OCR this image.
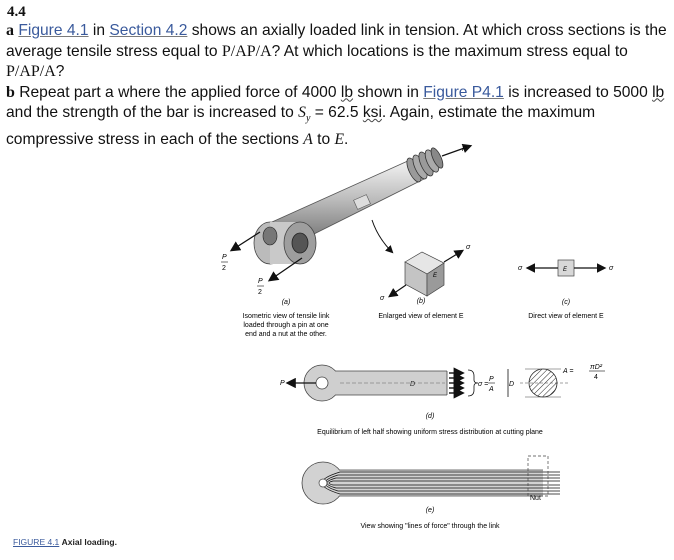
4.4

a Figure 4.1 in Section 4.2 shows an axially loaded link in tension. At which cross sections is the average tensile stress equal to P/AP/A? At which locations is the maximum stress equal to P/AP/A?

b Repeat part a where the applied force of 4000 lb shown in Figure P4.1 is increased to 5000 lb and the strength of the bar is increased to $S_y = 62.5$ ksi. Again, estimate the maximum compressive stress in each of the sections A to E.

P
P
2
P
2
(a)
Isometric view of tensile link
loaded through a pin at one
end and a nut at the other.
E
σ
σ	(b)
Enlarged view of element E
E
σ	σ
(c)
Direct view of element E
P	D	σ =
P
A
D
A =
πD²
4
(d)
Equilibrium of left half showing uniform stress distribution at cutting plane
Nut
(e)
View showing "lines of force" through the link
FIGURE 4.1 Axial loading.
